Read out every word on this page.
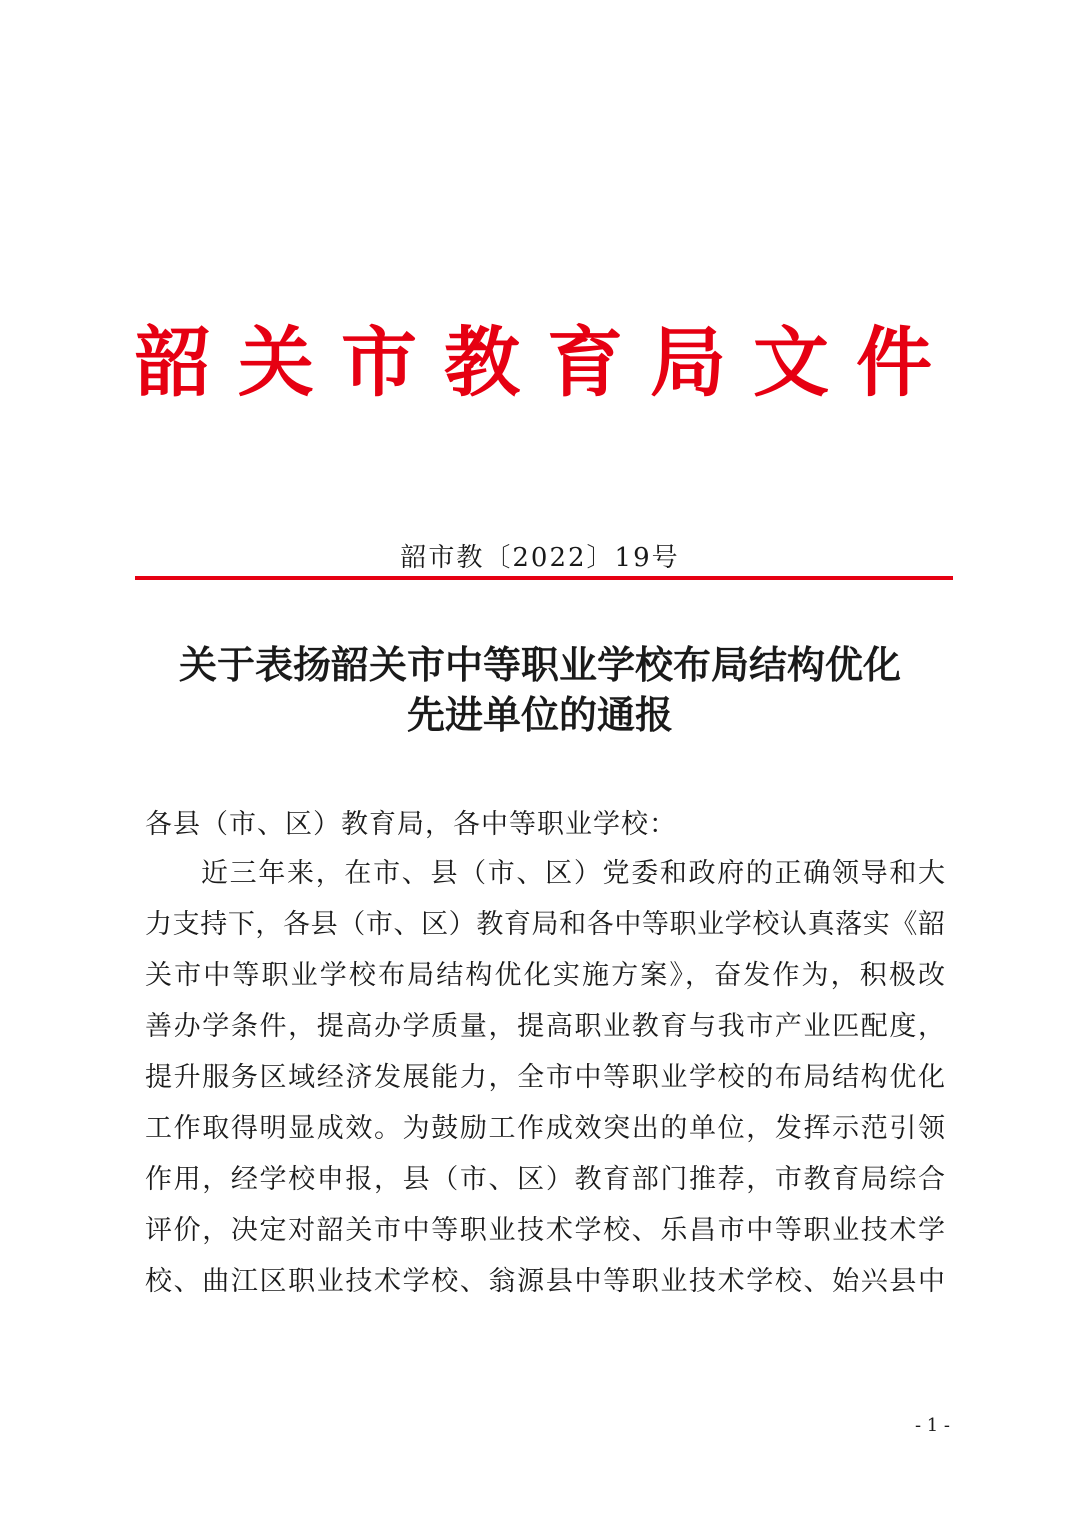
韶关市教育局文件
韶市教〔2022〕19号
关于表扬韶关市中等职业学校布局结构优化
先进单位的通报
各县（市、区）教育局，各中等职业学校：
近三年来，在市、县（市、区）党委和政府的正确领导和大
力支持下，各县（市、区）教育局和各中等职业学校认真落实《韶
关市中等职业学校布局结构优化实施方案》，奋发作为，积极改
善办学条件，提高办学质量，提高职业教育与我市产业匹配度，
提升服务区域经济发展能力，全市中等职业学校的布局结构优化
工作取得明显成效。为鼓励工作成效突出的单位，发挥示范引领
作用，经学校申报，县（市、区）教育部门推荐，市教育局综合
评价，决定对韶关市中等职业技术学校、乐昌市中等职业技术学
校、曲江区职业技术学校、翁源县中等职业技术学校、始兴县中
- 1 -
